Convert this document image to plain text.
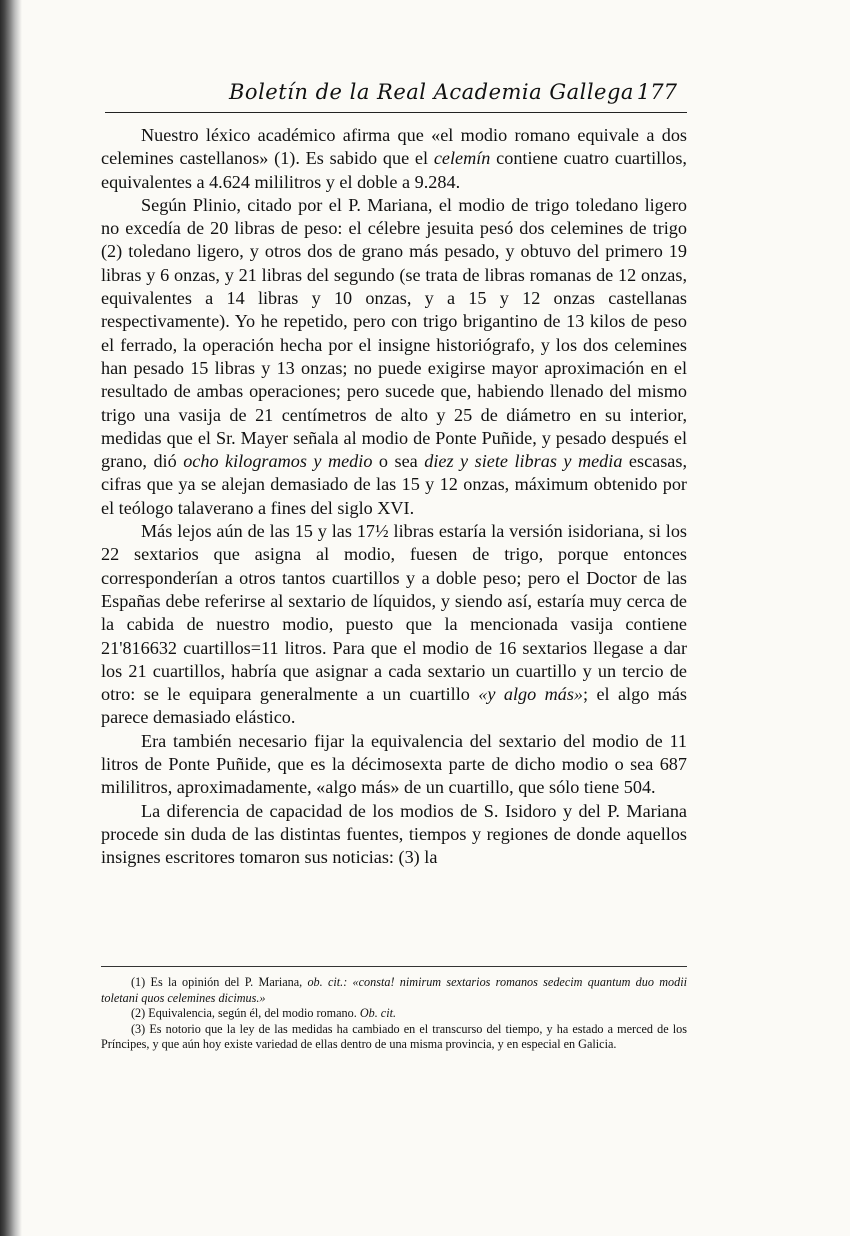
Boletín de la Real Academia Gallega 177

Nuestro léxico académico afirma que «el modio romano equivale a dos celemines castellanos» (1). Es sabido que el celemín contiene cuatro cuartillos, equivalentes a 4.624 mililitros y el doble a 9.284.

Según Plinio, citado por el P. Mariana, el modio de trigo toledano ligero no excedía de 20 libras de peso: el célebre jesuita pesó dos celemines de trigo (2) toledano ligero, y otros dos de grano más pesado, y obtuvo del primero 19 libras y 6 onzas, y 21 libras del segundo (se trata de libras romanas de 12 onzas, equivalentes a 14 libras y 10 onzas, y a 15 y 12 onzas castellanas respectivamente). Yo he repetido, pero con trigo brigantino de 13 kilos de peso el ferrado, la operación hecha por el insigne historiógrafo, y los dos celemines han pesado 15 libras y 13 onzas; no puede exigirse mayor aproximación en el resultado de ambas operaciones; pero sucede que, habiendo llenado del mismo trigo una vasija de 21 centímetros de alto y 25 de diámetro en su interior, medidas que el Sr. Mayer señala al modio de Ponte Puñide, y pesado después el grano, dió ocho kilogramos y medio o sea diez y siete libras y media escasas, cifras que ya se alejan demasiado de las 15 y 12 onzas, máximum obtenido por el teólogo talaverano a fines del siglo XVI.

Más lejos aún de las 15 y las 17½ libras estaría la versión isidoriana, si los 22 sextarios que asigna al modio, fuesen de trigo, porque entonces corresponderían a otros tantos cuartillos y a doble peso; pero el Doctor de las Españas debe referirse al sextario de líquidos, y siendo así, estaría muy cerca de la cabida de nuestro modio, puesto que la mencionada vasija contiene 21'816632 cuartillos=11 litros. Para que el modio de 16 sextarios llegase a dar los 21 cuartillos, habría que asignar a cada sextario un cuartillo y un tercio de otro: se le equipara generalmente a un cuartillo «y algo más»; el algo más parece demasiado elástico.

Era también necesario fijar la equivalencia del sextario del modio de 11 litros de Ponte Puñide, que es la décimosexta parte de dicho modio o sea 687 mililitros, aproximadamente, «algo más» de un cuartillo, que sólo tiene 504.

La diferencia de capacidad de los modios de S. Isidoro y del P. Mariana procede sin duda de las distintas fuentes, tiempos y regiones de donde aquellos insignes escritores tomaron sus noticias: (3) la

(1) Es la opinión del P. Mariana, ob. cit.: «consta! nimirum sextarios romanos sedecim quantum duo modii toletani quos celemines dicimus.»

(2) Equivalencia, según él, del modio romano. Ob. cit.

(3) Es notorio que la ley de las medidas ha cambiado en el transcurso del tiempo, y ha estado a merced de los Príncipes, y que aún hoy existe variedad de ellas dentro de una misma provincia, y en especial en Galicia.
